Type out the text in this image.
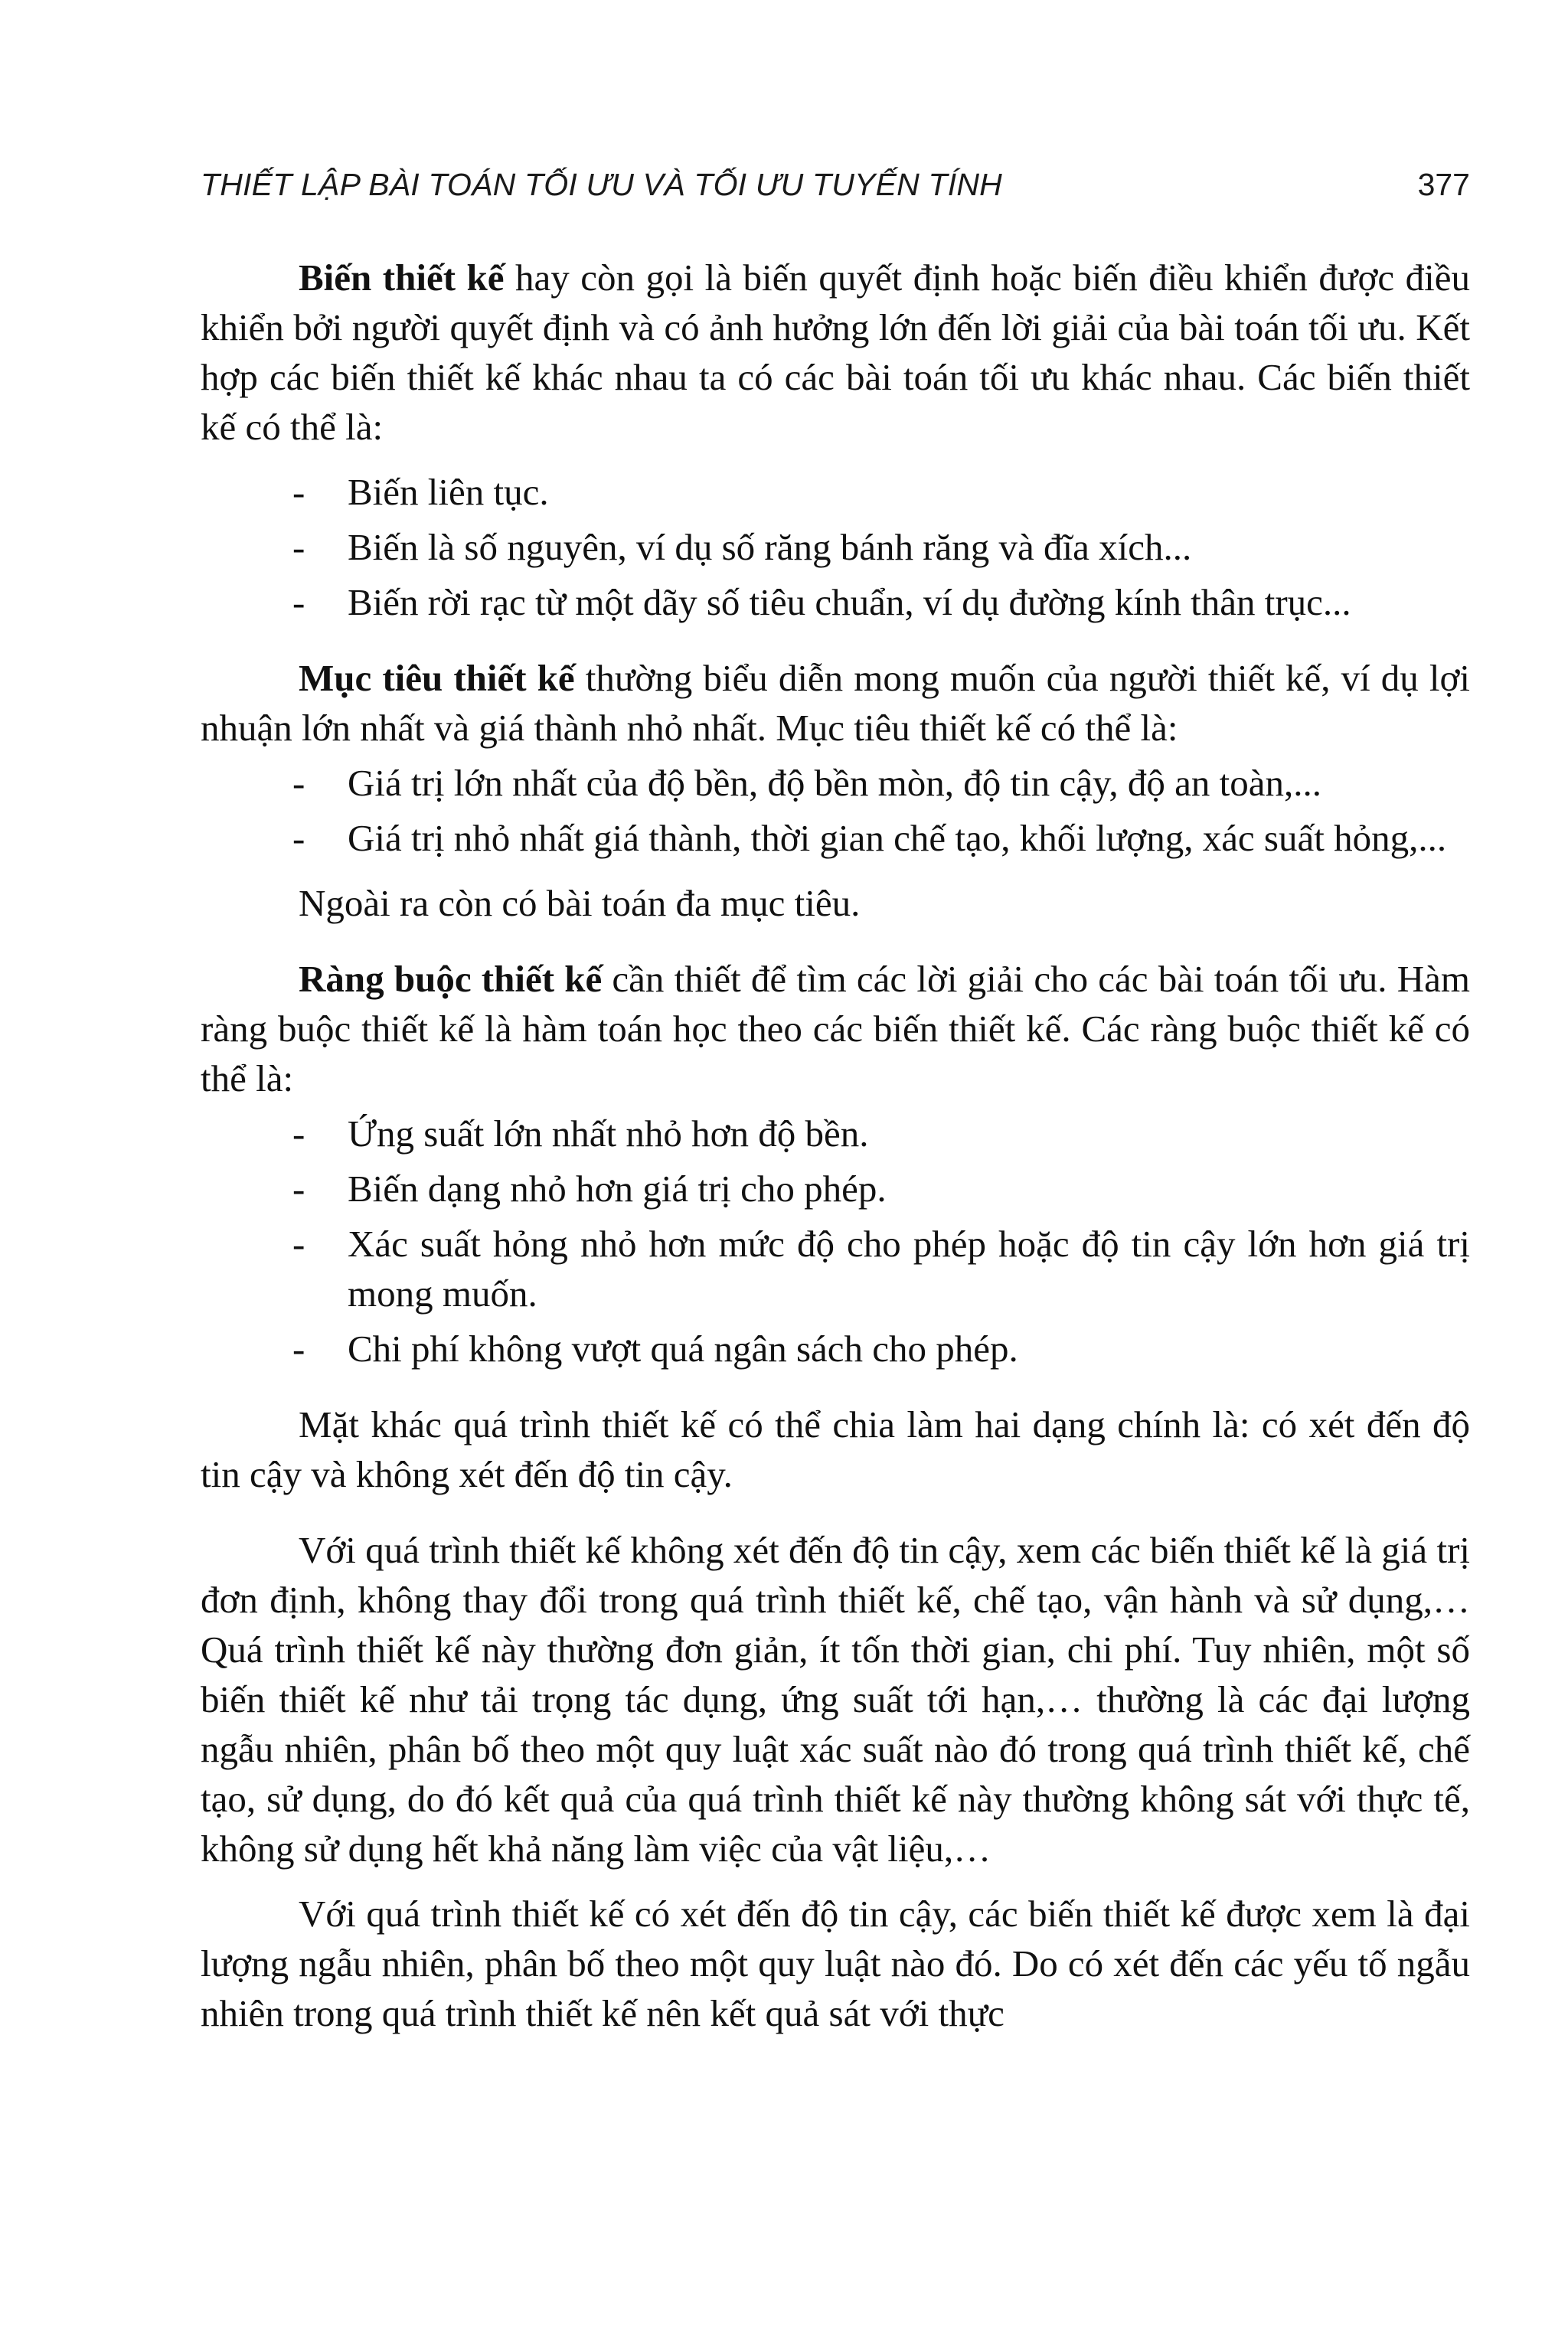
THIẾT LẬP BÀI TOÁN TỐI ƯU VÀ TỐI ƯU TUYẾN TÍNH	377

Biến thiết kế hay còn gọi là biến quyết định hoặc biến điều khiển được điều khiển bởi người quyết định và có ảnh hưởng lớn đến lời giải của bài toán tối ưu. Kết hợp các biến thiết kế khác nhau ta có các bài toán tối ưu khác nhau. Các biến thiết kế có thể là:

-	Biến liên tục.
-	Biến là số nguyên, ví dụ số răng bánh răng và đĩa xích...
-	Biến rời rạc từ một dãy số tiêu chuẩn, ví dụ đường kính thân trục...

Mục tiêu thiết kế thường biểu diễn mong muốn của người thiết kế, ví dụ lợi nhuận lớn nhất và giá thành nhỏ nhất. Mục tiêu thiết kế có thể là:

-	Giá trị lớn nhất của độ bền, độ bền mòn, độ tin cậy, độ an toàn,...
-	Giá trị nhỏ nhất giá thành, thời gian chế tạo, khối lượng, xác suất hỏng,...

Ngoài ra còn có bài toán đa mục tiêu.

Ràng buộc thiết kế cần thiết để tìm các lời giải cho các bài toán tối ưu. Hàm ràng buộc thiết kế là hàm toán học theo các biến thiết kế. Các ràng buộc thiết kế có thể là:

-	Ứng suất lớn nhất nhỏ hơn độ bền.
-	Biến dạng nhỏ hơn giá trị cho phép.
-	Xác suất hỏng nhỏ hơn mức độ cho phép hoặc độ tin cậy lớn hơn giá trị mong muốn.
-	Chi phí không vượt quá ngân sách cho phép.

Mặt khác quá trình thiết kế có thể chia làm hai dạng chính là: có xét đến độ tin cậy và không xét đến độ tin cậy.

Với quá trình thiết kế không xét đến độ tin cậy, xem các biến thiết kế là giá trị đơn định, không thay đổi trong quá trình thiết kế, chế tạo, vận hành và sử dụng,… Quá trình thiết kế này thường đơn giản, ít tốn thời gian, chi phí. Tuy nhiên, một số biến thiết kế như tải trọng tác dụng, ứng suất tới hạn,… thường là các đại lượng ngẫu nhiên, phân bố theo một quy luật xác suất nào đó trong quá trình thiết kế, chế tạo, sử dụng, do đó kết quả của quá trình thiết kế này thường không sát với thực tế, không sử dụng hết khả năng làm việc của vật liệu,…

Với quá trình thiết kế có xét đến độ tin cậy, các biến thiết kế được xem là đại lượng ngẫu nhiên, phân bố theo một quy luật nào đó. Do có xét đến các yếu tố ngẫu nhiên trong quá trình thiết kế nên kết quả sát với thực
